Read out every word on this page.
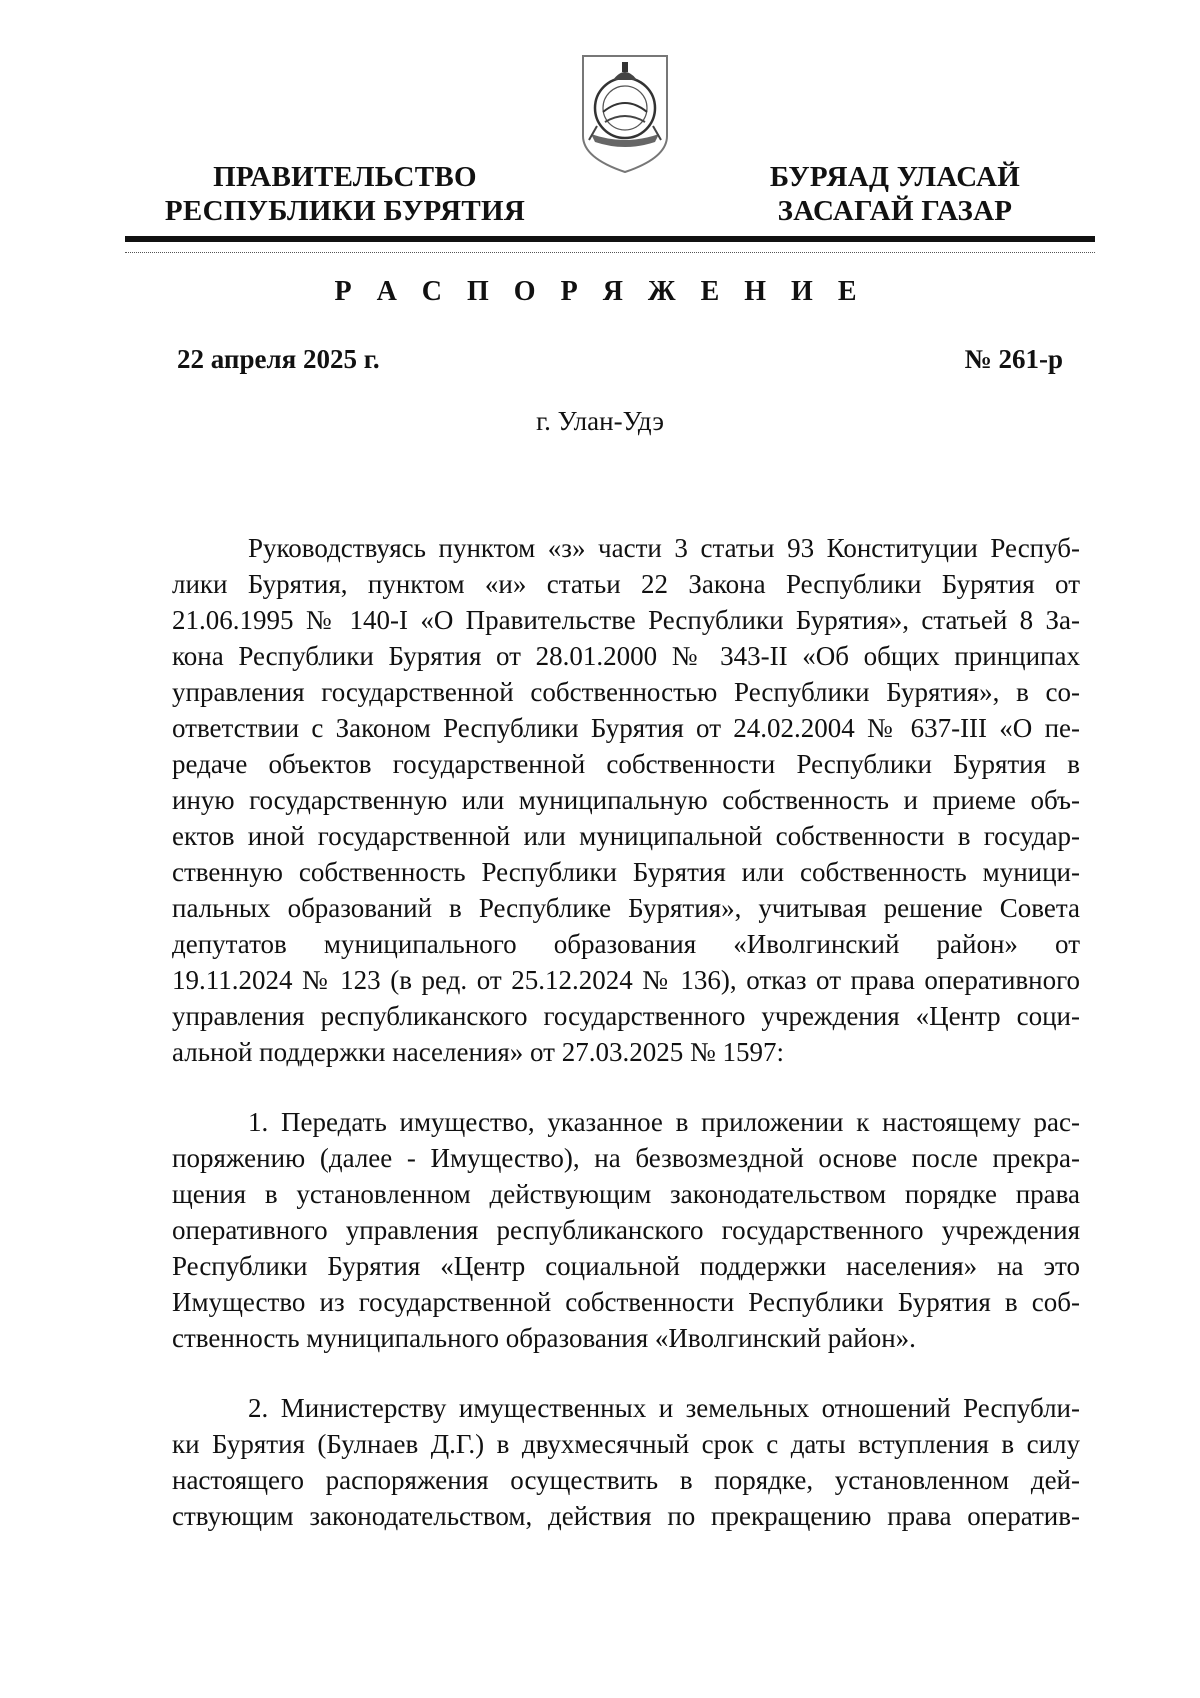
ПРАВИТЕЛЬСТВО
РЕСПУБЛИКИ БУРЯТИЯ
БУРЯАД УЛАСАЙ
ЗАСАГАЙ ГАЗАР
Р А С П О Р Я Ж Е Н И Е
22 апреля 2025 г.	№ 261-р
г. Улан-Удэ
Руководствуясь пунктом «з» части 3 статьи 93 Конституции Респуб-
лики Бурятия, пунктом «и» статьи 22 Закона Республики Бурятия от
21.06.1995 № 140-I «О Правительстве Республики Бурятия», статьей 8 За-
кона Республики Бурятия от 28.01.2000 № 343-II «Об общих принципах
управления государственной собственностью Республики Бурятия», в со-
ответствии с Законом Республики Бурятия от 24.02.2004 № 637-III «О пе-
редаче объектов государственной собственности Республики Бурятия в
иную государственную или муниципальную собственность и приеме объ-
ектов иной государственной или муниципальной собственности в государ-
ственную собственность Республики Бурятия или собственность муници-
пальных образований в Республике Бурятия», учитывая решение Совета
депутатов муниципального образования «Иволгинский район» от
19.11.2024 № 123 (в ред. от 25.12.2024 № 136), отказ от права оперативного
управления республиканского государственного учреждения «Центр соци-
альной поддержки населения» от 27.03.2025 № 1597:
1. Передать имущество, указанное в приложении к настоящему рас-
поряжению (далее - Имущество), на безвозмездной основе после прекра-
щения в установленном действующим законодательством порядке права
оперативного управления республиканского государственного учреждения
Республики Бурятия «Центр социальной поддержки населения» на это
Имущество из государственной собственности Республики Бурятия в соб-
ственность муниципального образования «Иволгинский район».
2. Министерству имущественных и земельных отношений Республи-
ки Бурятия (Булнаев Д.Г.) в двухмесячный срок с даты вступления в силу
настоящего распоряжения осуществить в порядке, установленном дей-
ствующим законодательством, действия по прекращению права оператив-
